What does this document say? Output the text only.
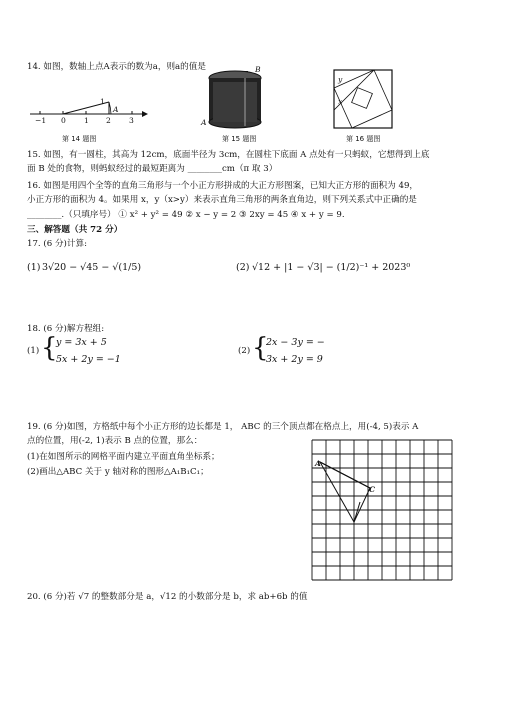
14. 如图，数轴上点A表示的数为a，则a的值是
−1 0 1 2 3
1
A
第 14 题图
A
B
第 15 题图
y
x
第 16 题图
15. 如图，有一圆柱，其高为 12cm，底面半径为 3cm，在圆柱下底面 A 点处有一只蚂蚁，它想得到上底
面 B 处的食物，则蚂蚁经过的最短距离为 ________cm（π 取 3）
16. 如图是用四个全等的直角三角形与一个小正方形拼成的大正方形图案，已知大正方形的面积为 49，
小正方形的面积为 4。如果用 x，y（x>y）来表示直角三角形的两条直角边，则下列关系式中正确的是
________.（只填序号） ① x² + y² = 49 ② x − y = 2 ③ 2xy = 45 ④ x + y = 9.
三、解答题（共 72 分）
17. (6 分)计算:
(1) 3√20 − √45 − √(1/5)	(2) √12 + |1 − √3| − (1/2)⁻¹ + 2023⁰
18. (6 分)解方程组:
(1) {
y = 3x + 5
5x + 2y = −1
(2) {
2x − 3y = −
3x + 2y = 9
19. (6 分)如图，方格纸中每个小正方形的边长都是 1， ABC 的三个顶点都在格点上，用(-4, 5)表示 A
点的位置，用(-2, 1)表示 B 点的位置，那么：
(1)在如图所示的网格平面内建立平面直角坐标系；
(2)画出△ABC 关于 y 轴对称的图形△A₁B₁C₁；
A
C
20. (6 分)若 √7 的整数部分是 a，√12 的小数部分是 b，求 ab+6b 的值
